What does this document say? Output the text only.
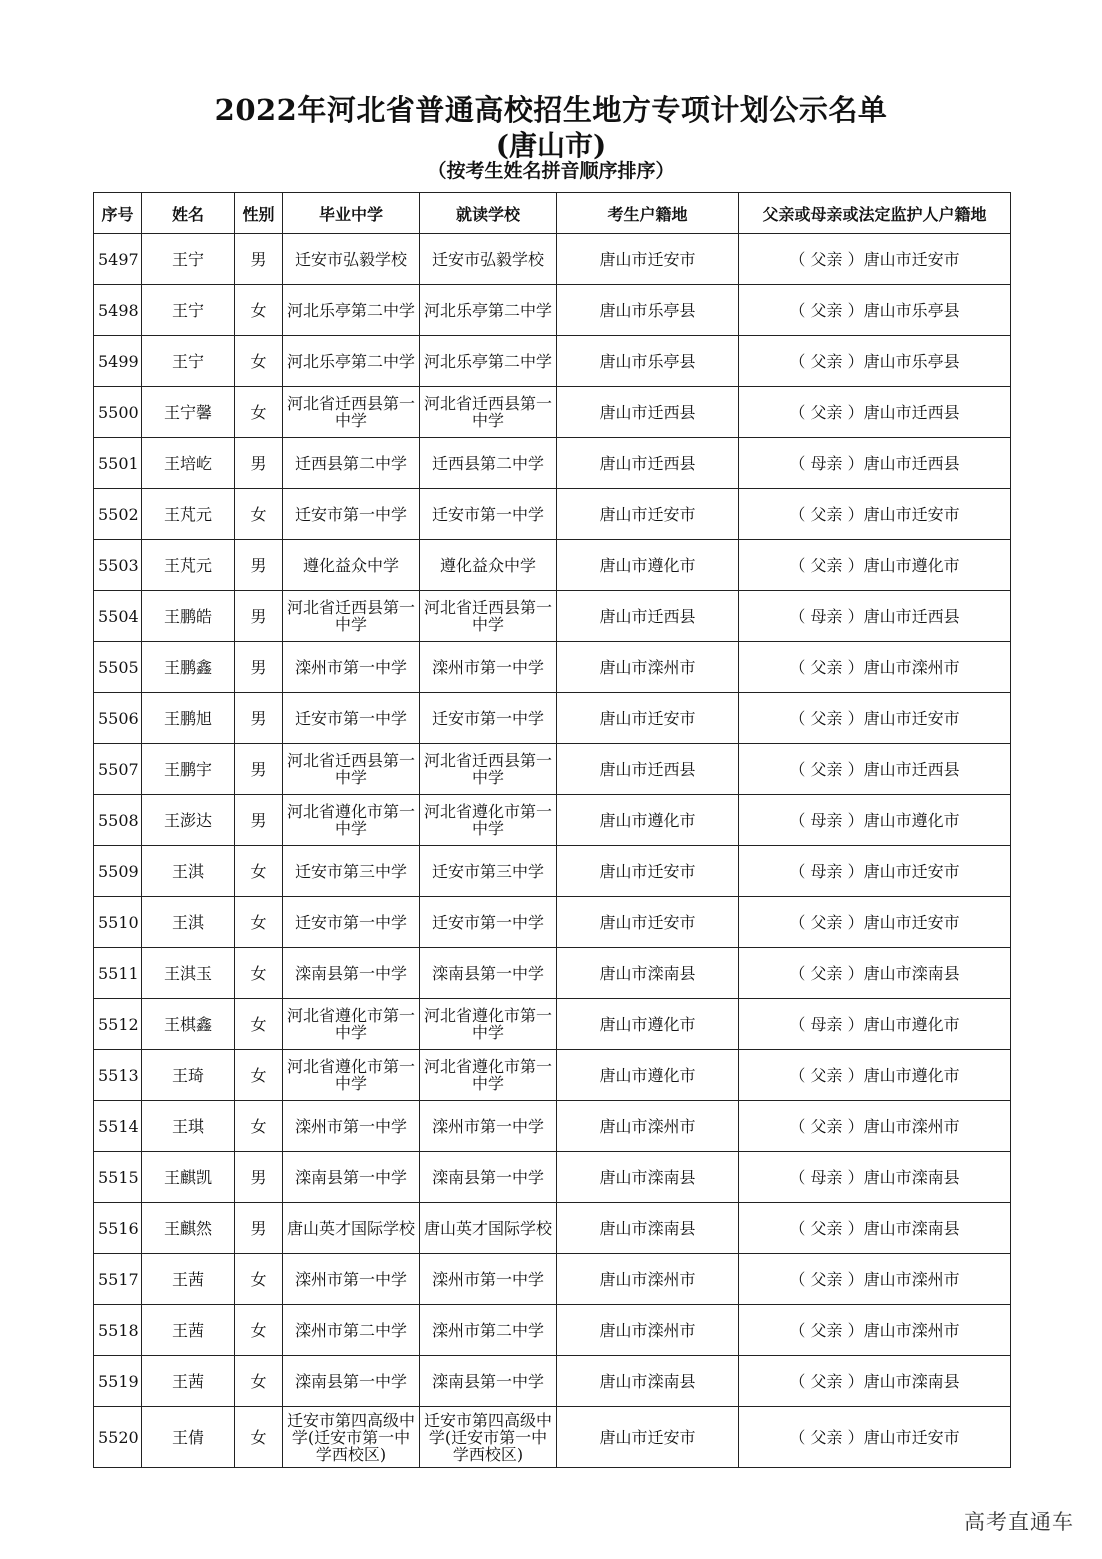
2022年河北省普通高校招生地方专项计划公示名单
(唐山市)
（按考生姓名拼音顺序排序）
序号	姓名	性别	毕业中学	就读学校	考生户籍地	父亲或母亲或法定监护人户籍地
5497	王宁	男	迁安市弘毅学校	迁安市弘毅学校	唐山市迁安市	（ 父亲 ）唐山市迁安市
5498	王宁	女	河北乐亭第二中学	河北乐亭第二中学	唐山市乐亭县	（ 父亲 ）唐山市乐亭县
5499	王宁	女	河北乐亭第二中学	河北乐亭第二中学	唐山市乐亭县	（ 父亲 ）唐山市乐亭县
5500	王宁馨	女	河北省迁西县第一中学	河北省迁西县第一中学	唐山市迁西县	（ 父亲 ）唐山市迁西县
5501	王培屹	男	迁西县第二中学	迁西县第二中学	唐山市迁西县	（ 母亲 ）唐山市迁西县
5502	王芃元	女	迁安市第一中学	迁安市第一中学	唐山市迁安市	（ 父亲 ）唐山市迁安市
5503	王芃元	男	遵化益众中学	遵化益众中学	唐山市遵化市	（ 父亲 ）唐山市遵化市
5504	王鹏皓	男	河北省迁西县第一中学	河北省迁西县第一中学	唐山市迁西县	（ 母亲 ）唐山市迁西县
5505	王鹏鑫	男	滦州市第一中学	滦州市第一中学	唐山市滦州市	（ 父亲 ）唐山市滦州市
5506	王鹏旭	男	迁安市第一中学	迁安市第一中学	唐山市迁安市	（ 父亲 ）唐山市迁安市
5507	王鹏宇	男	河北省迁西县第一中学	河北省迁西县第一中学	唐山市迁西县	（ 父亲 ）唐山市迁西县
5508	王澎达	男	河北省遵化市第一中学	河北省遵化市第一中学	唐山市遵化市	（ 母亲 ）唐山市遵化市
5509	王淇	女	迁安市第三中学	迁安市第三中学	唐山市迁安市	（ 母亲 ）唐山市迁安市
5510	王淇	女	迁安市第一中学	迁安市第一中学	唐山市迁安市	（ 父亲 ）唐山市迁安市
5511	王淇玉	女	滦南县第一中学	滦南县第一中学	唐山市滦南县	（ 父亲 ）唐山市滦南县
5512	王棋鑫	女	河北省遵化市第一中学	河北省遵化市第一中学	唐山市遵化市	（ 母亲 ）唐山市遵化市
5513	王琦	女	河北省遵化市第一中学	河北省遵化市第一中学	唐山市遵化市	（ 父亲 ）唐山市遵化市
5514	王琪	女	滦州市第一中学	滦州市第一中学	唐山市滦州市	（ 父亲 ）唐山市滦州市
5515	王麒凯	男	滦南县第一中学	滦南县第一中学	唐山市滦南县	（ 母亲 ）唐山市滦南县
5516	王麒然	男	唐山英才国际学校	唐山英才国际学校	唐山市滦南县	（ 父亲 ）唐山市滦南县
5517	王茜	女	滦州市第一中学	滦州市第一中学	唐山市滦州市	（ 父亲 ）唐山市滦州市
5518	王茜	女	滦州市第二中学	滦州市第二中学	唐山市滦州市	（ 父亲 ）唐山市滦州市
5519	王茜	女	滦南县第一中学	滦南县第一中学	唐山市滦南县	（ 父亲 ）唐山市滦南县
5520	王倩	女	迁安市第四高级中学(迁安市第一中学西校区)	迁安市第四高级中学(迁安市第一中学西校区)	唐山市迁安市	（ 父亲 ）唐山市迁安市
高考直通车
